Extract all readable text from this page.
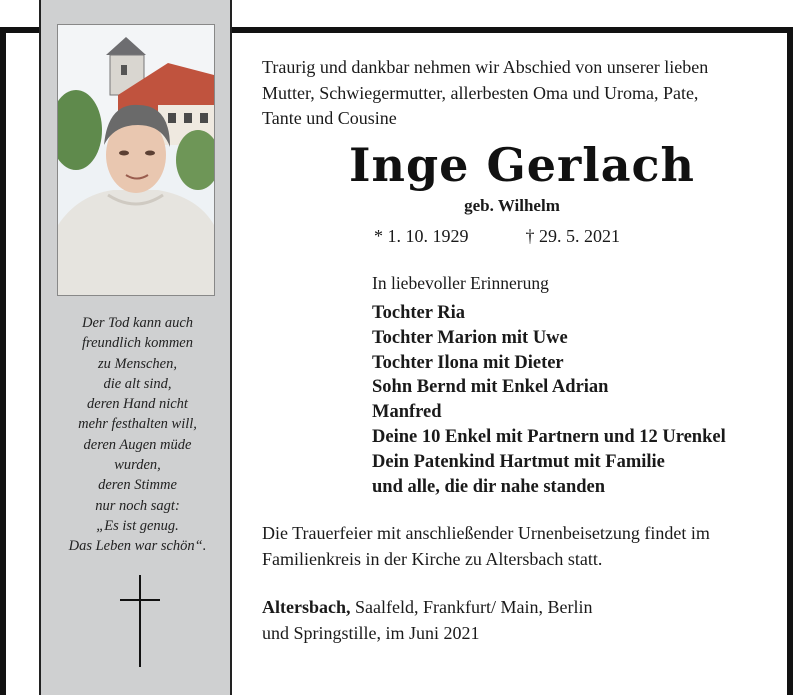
Der Tod kann auch
freundlich kommen
zu Menschen,
die alt sind,
deren Hand nicht
mehr festhalten will,
deren Augen müde
wurden,
deren Stimme
nur noch sagt:
„Es ist genug.
Das Leben war schön“.
Traurig und dankbar nehmen wir Abschied von unserer lieben
Mutter, Schwiegermutter, allerbesten Oma und Uroma, Pate,
Tante und Cousine
Inge Gerlach
geb. Wilhelm
* 1. 10. 1929	† 29. 5. 2021
In liebevoller Erinnerung
Tochter Ria
Tochter Marion mit Uwe
Tochter Ilona mit Dieter
Sohn Bernd mit Enkel Adrian
Manfred
Deine 10 Enkel mit Partnern und 12 Urenkel
Dein Patenkind Hartmut mit Familie
und alle, die dir nahe standen
Die Trauerfeier mit anschließender Urnenbeisetzung findet im
Familienkreis in der Kirche zu Altersbach statt.
Altersbach, Saalfeld, Frankfurt/ Main, Berlin
und Springstille, im Juni 2021
